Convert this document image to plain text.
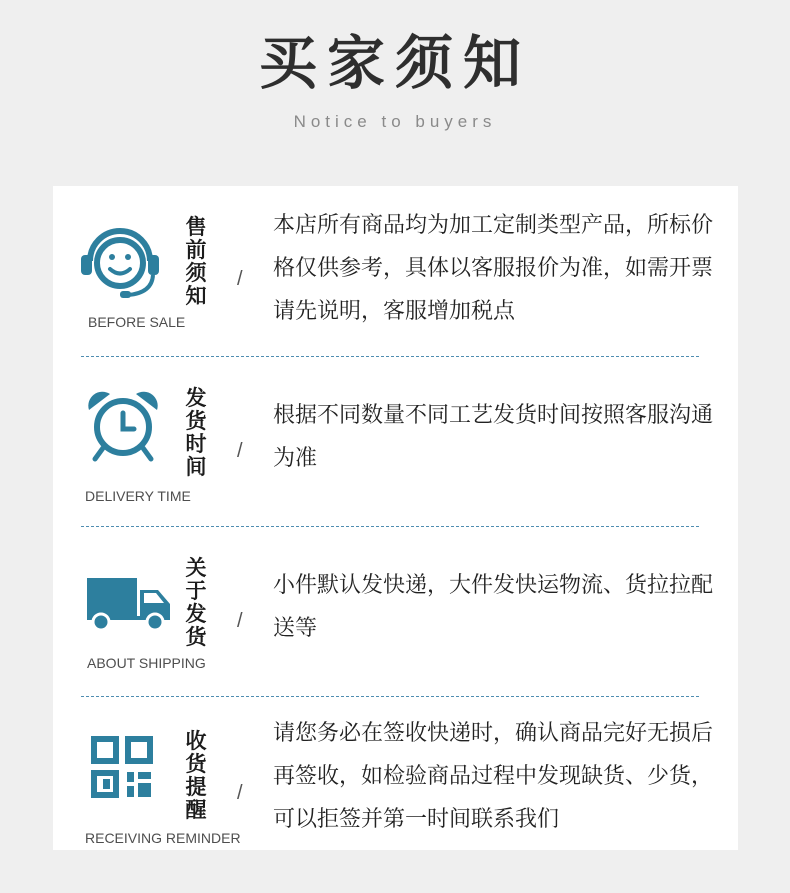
买家须知
Notice to buyers
售前须知
/
BEFORE SALE
本店所有商品均为加工定制类型产品，所标价格仅供参考，具体以客服报价为准，如需开票请先说明，客服增加税点
发货时间
/
DELIVERY TIME
根据不同数量不同工艺发货时间按照客服沟通为准
关于发货
/
ABOUT SHIPPING
小件默认发快递，大件发快运物流、货拉拉配送等
收货提醒
/
RECEIVING REMINDER
请您务必在签收快递时，确认商品完好无损后再签收，如检验商品过程中发现缺货、少货，可以拒签并第一时间联系我们
